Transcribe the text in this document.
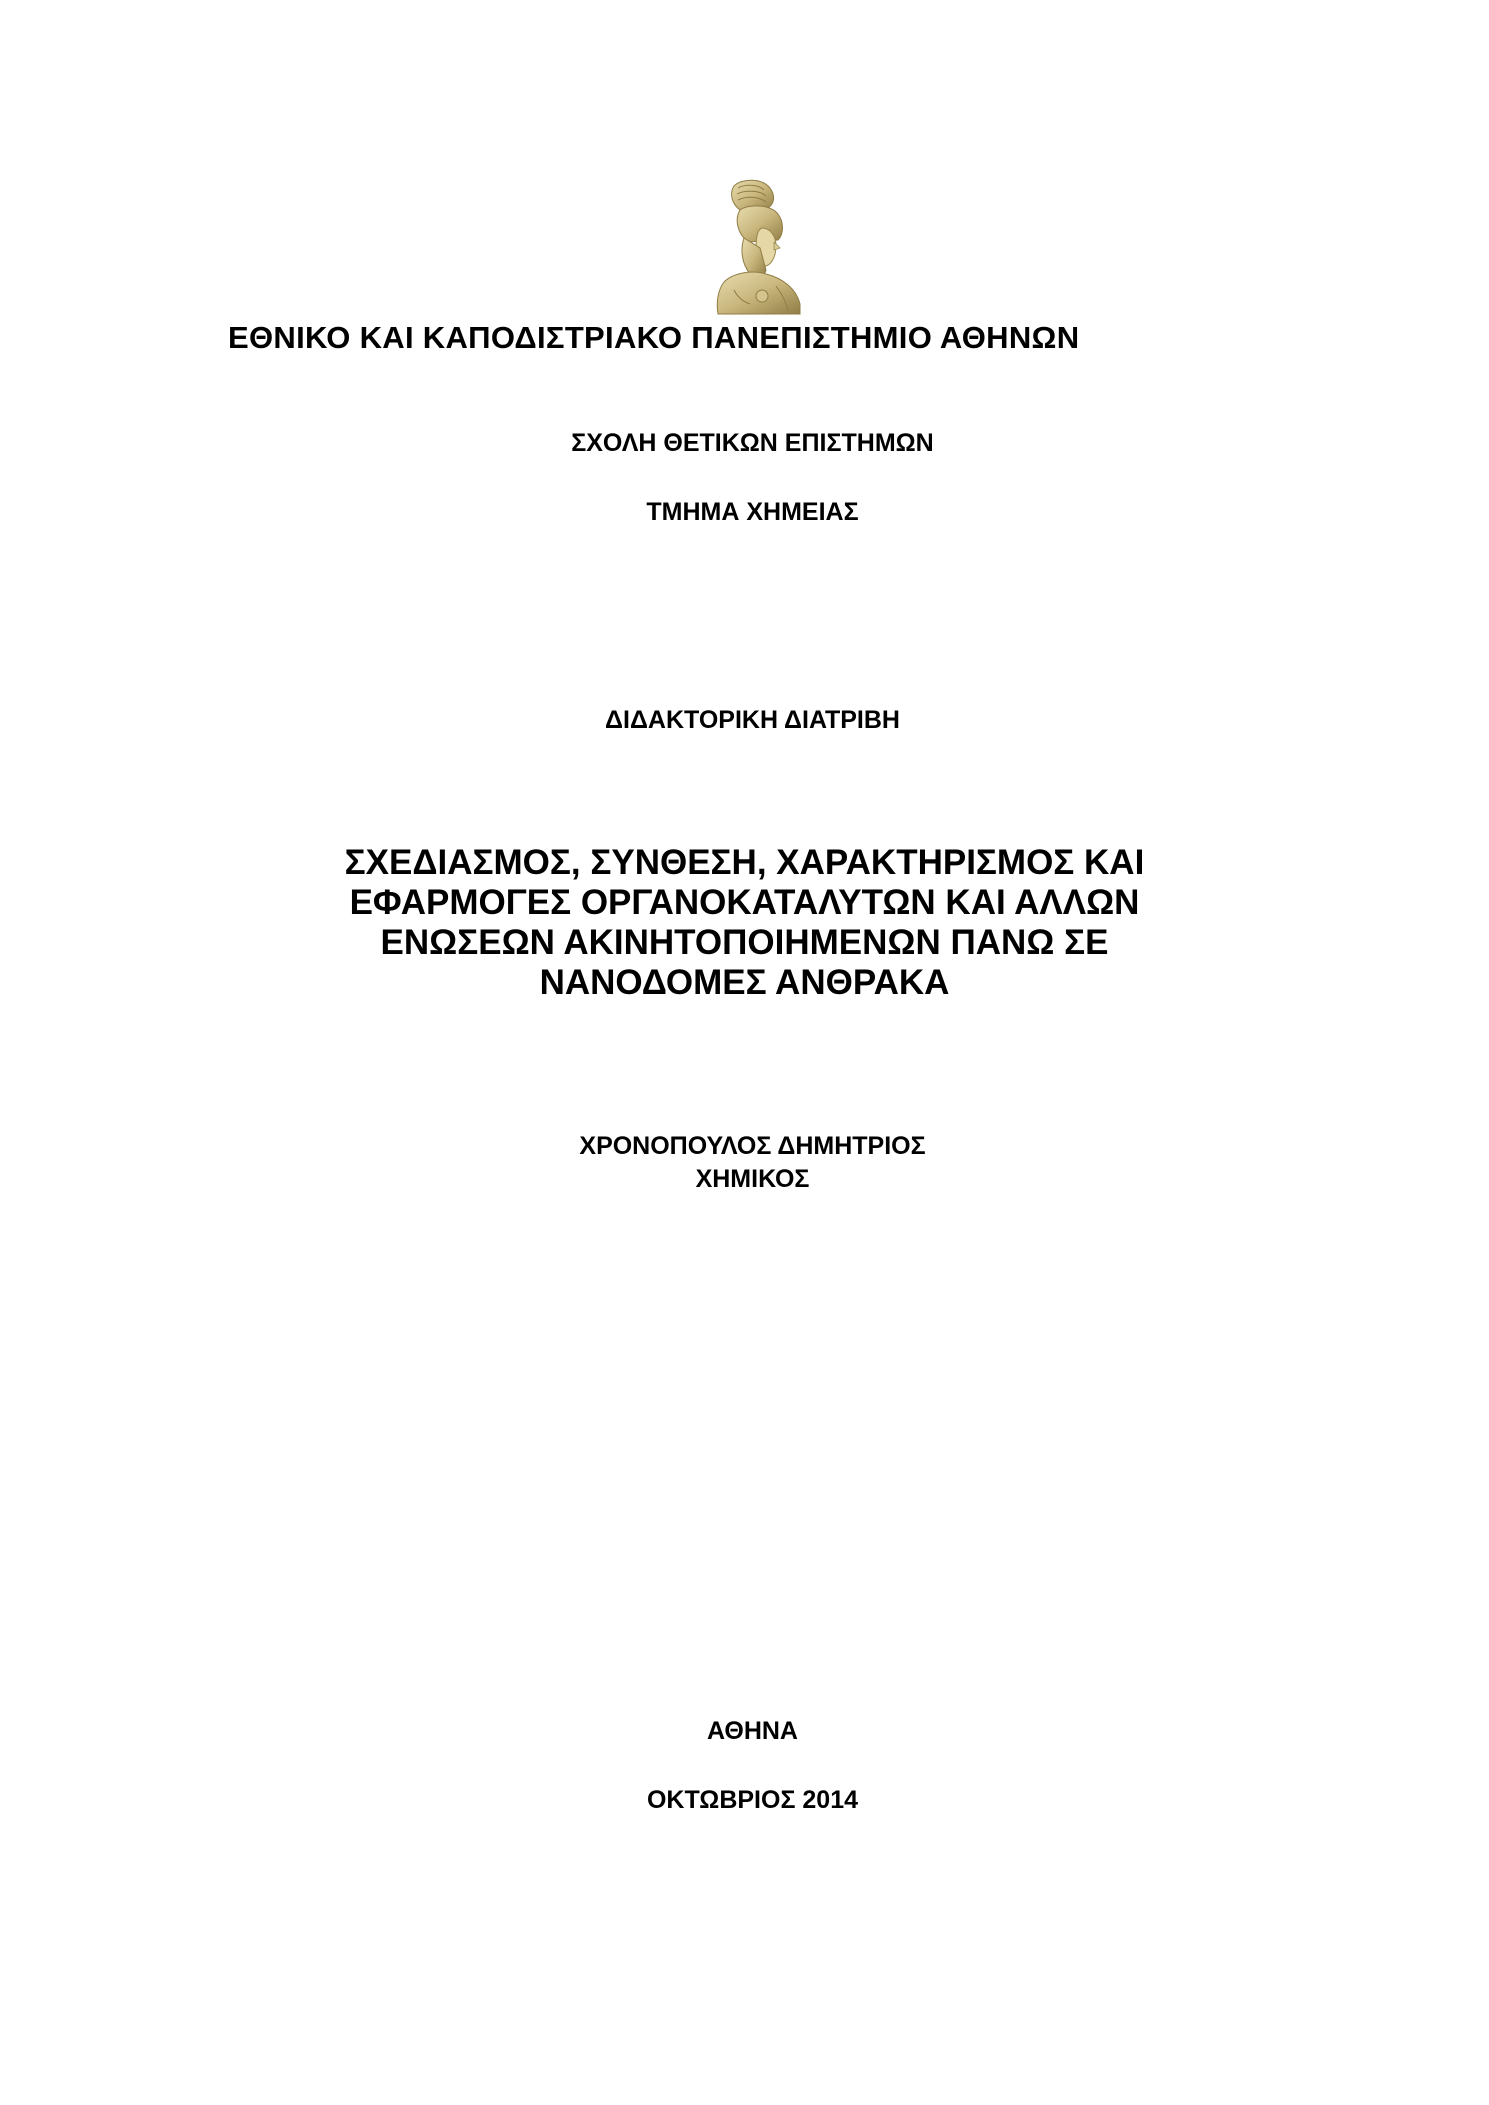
ΕΘΝΙΚΟ ΚΑΙ ΚΑΠΟΔΙΣΤΡΙΑΚΟ ΠΑΝΕΠΙΣΤΗΜΙΟ ΑΘΗΝΩΝ
ΣΧΟΛΗ ΘΕΤΙΚΩΝ ΕΠΙΣΤΗΜΩΝ
ΤΜΗΜΑ ΧΗΜΕΙΑΣ
ΔΙΔΑΚΤΟΡΙΚΗ ΔΙΑΤΡΙΒΗ
ΣΧΕΔΙΑΣΜΟΣ, ΣΥΝΘΕΣΗ, ΧΑΡΑΚΤΗΡΙΣΜΟΣ ΚΑΙ
ΕΦΑΡΜΟΓΕΣ ΟΡΓΑΝΟΚΑΤΑΛΥΤΩΝ ΚΑΙ ΑΛΛΩΝ
ΕΝΩΣΕΩΝ ΑΚΙΝΗΤΟΠΟΙΗΜΕΝΩΝ ΠΑΝΩ ΣΕ
ΝΑΝΟΔΟΜΕΣ ΑΝΘΡΑΚΑ
ΧΡΟΝΟΠΟΥΛΟΣ ΔΗΜΗΤΡΙΟΣ
ΧΗΜΙΚΟΣ
ΑΘΗΝΑ
ΟΚΤΩΒΡΙΟΣ 2014
